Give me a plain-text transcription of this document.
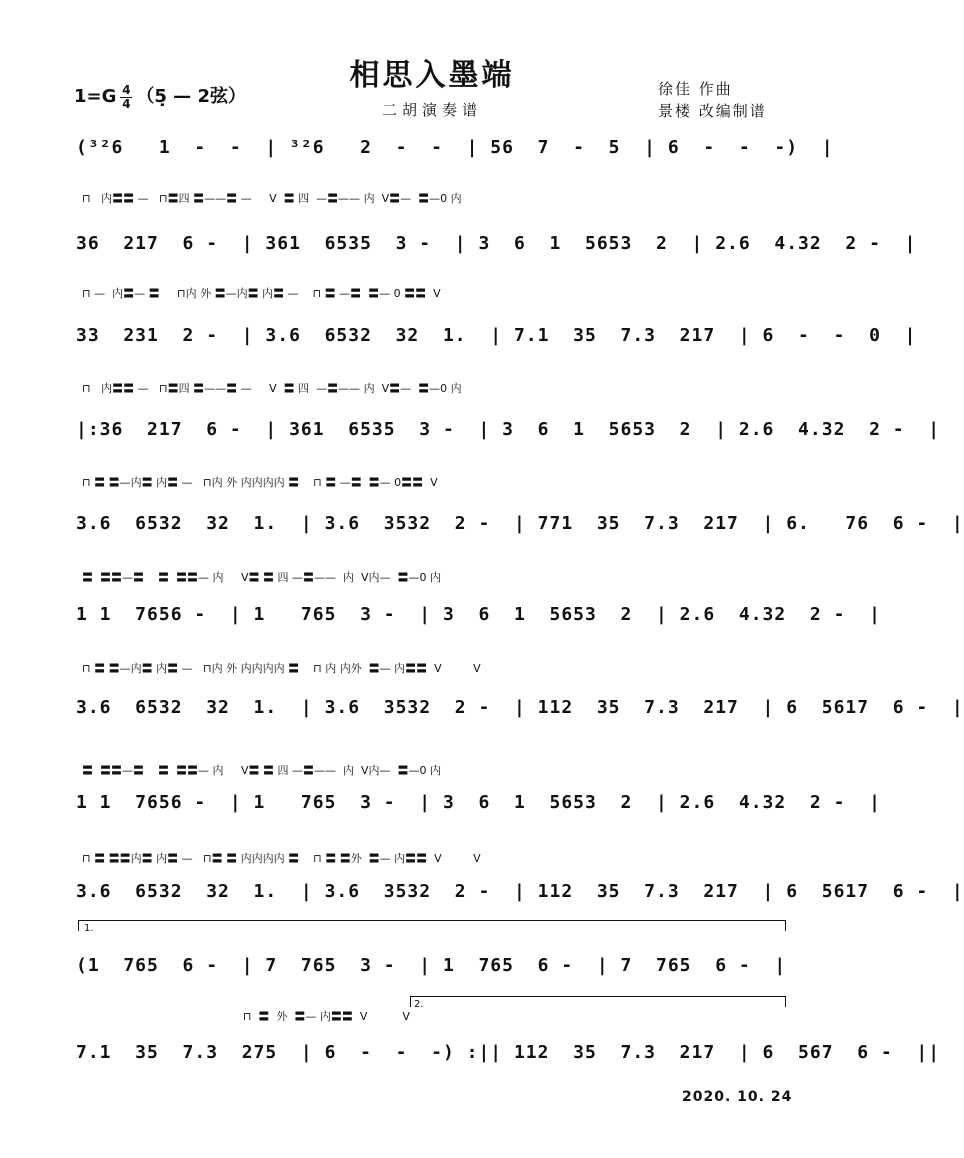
相思入墨端
二胡演奏谱
$1=G \frac{4}{4}$ （5̣ — 2弦）	徐佳 作曲
景楼 改编制谱
(³²6   1  -  -  | ³²6   2  -  -  | 56  7  -  5  | 6  -  -  -)  |
⊓   内〓〓 —   ⊓〓四 〓——〓 —     V  〓 四  —〓—— 内  V〓—  〓—0 内
36  217  6 -  | 361  6535  3 -  | 3  6  1  5653  2  | 2.6  4.32  2 -  |
⊓ —  内〓— 〓     ⊓内 外 〓—内〓 内〓 —    ⊓ 〓 —〓  〓— 0 〓〓  V
33  231  2 -  | 3.6  6532  32  1.  | 7.1  35  7.3  217  | 6  -  -  0  |
⊓   内〓〓 —   ⊓〓四 〓——〓 —     V  〓 四  —〓—— 内  V〓—  〓—0 内
|:36  217  6 -  | 361  6535  3 -  | 3  6  1  5653  2  | 2.6  4.32  2 -  |
⊓ 〓 〓—内〓 内〓 —   ⊓内 外 内内内内 〓    ⊓ 〓 —〓  〓— 0〓〓  V
3.6  6532  32  1.  | 3.6  3532  2 -  | 771  35  7.3  217  | 6.   76  6 -  |
〓  〓〓—〓    〓  〓〓— 内     V〓 〓 四 —〓——  内  V内—  〓—0 内
1 1  7656 -  | 1   765  3 -  | 3  6  1  5653  2  | 2.6  4.32  2 -  |
⊓ 〓 〓—内〓 内〓 —   ⊓内 外 内内内内 〓    ⊓ 内 内外  〓— 内〓〓  V         V
3.6  6532  32  1.  | 3.6  3532  2 -  | 112  35  7.3  217  | 6  5617  6 -  |
〓  〓〓—〓    〓  〓〓— 内     V〓 〓 四 —〓——  内  V内—  〓—0 内
1 1  7656 -  | 1   765  3 -  | 3  6  1  5653  2  | 2.6  4.32  2 -  |
⊓ 〓 〓〓内〓 内〓 —   ⊓〓 〓 内内内内 〓    ⊓ 〓 〓外  〓— 内〓〓  V         V
3.6  6532  32  1.  | 3.6  3532  2 -  | 112  35  7.3  217  | 6  5617  6 -  |
1.
(1  765  6 -  | 7  765  3 -  | 1  765  6 -  | 7  765  6 -  |
2.
⊓  〓  外  〓— 内〓〓  V          V
7.1  35  7.3  275  | 6  -  -  -) :|| 112  35  7.3  217  | 6  567  6 -  ||
2020. 10. 24
